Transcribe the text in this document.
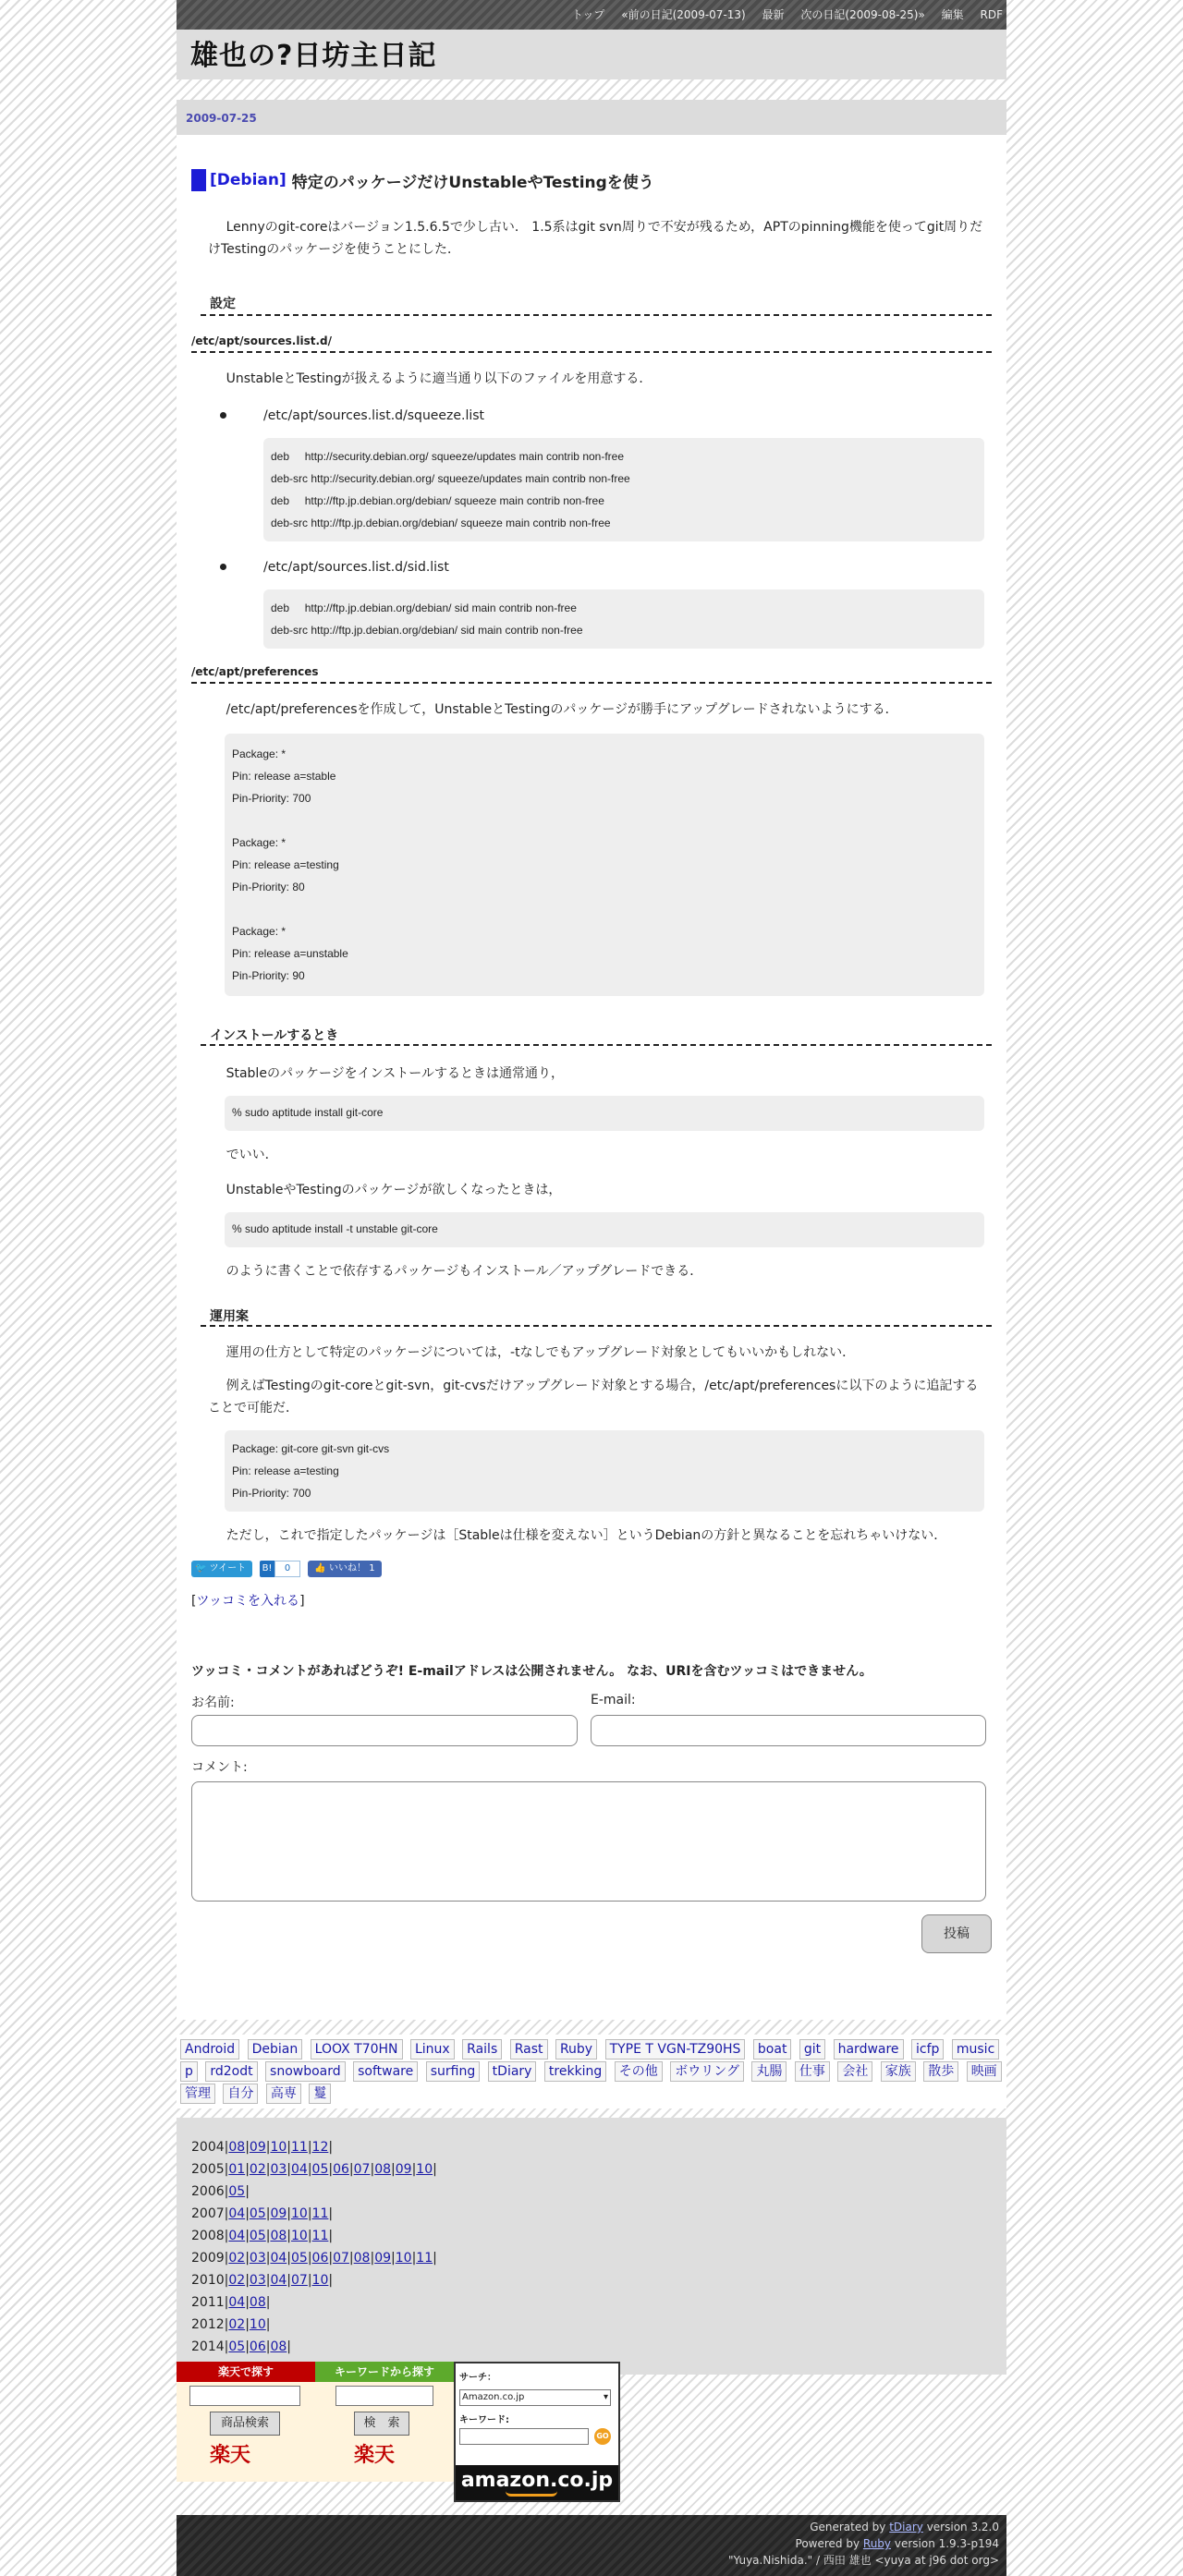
トップ «前の日記(2009-07-13) 最新 次の日記(2009-08-25)» 編集 RDF
雄也の?日坊主日記
2009-07-25
[Debian] 特定のパッケージだけUnstableやTestingを使う

Lennyのgit-coreはバージョン1.5.6.5で少し古い． 1.5系はgit svn周りで不安が残るため，APTのpinning機能を使ってgit周りだけTestingのパッケージを使うことにした．

設定
/etc/apt/sources.list.d/

UnstableとTestingが扱えるように適当通り以下のファイルを用意する．

/etc/apt/sources.list.d/squeeze.list
deb     http://security.debian.org/ squeeze/updates main contrib non-free
deb-src http://security.debian.org/ squeeze/updates main contrib non-free
deb     http://ftp.jp.debian.org/debian/ squeeze main contrib non-free
deb-src http://ftp.jp.debian.org/debian/ squeeze main contrib non-free
/etc/apt/sources.list.d/sid.list
deb     http://ftp.jp.debian.org/debian/ sid main contrib non-free
deb-src http://ftp.jp.debian.org/debian/ sid main contrib non-free
/etc/apt/preferences

/etc/apt/preferencesを作成して，UnstableとTestingのパッケージが勝手にアップグレードされないようにする．

Package: *
Pin: release a=stable
Pin-Priority: 700
Package: *
Pin: release a=testing
Pin-Priority: 80
Package: *
Pin: release a=unstable
Pin-Priority: 90
インストールするとき

Stableのパッケージをインストールするときは通常通り，

% sudo aptitude install git-core

でいい．

UnstableやTestingのパッケージが欲しくなったときは，

% sudo aptitude install -t unstable git-core

のように書くことで依存するパッケージもインストール／アップグレードできる．

運用案

運用の仕方として特定のパッケージについては，-tなしでもアップグレード対象としてもいいかもしれない．

例えばTestingのgit-coreとgit-svn，git-cvsだけアップグレード対象とする場合，/etc/apt/preferencesに以下のように追記することで可能だ．

Package: git-core git-svn git-cvs
Pin: release a=testing
Pin-Priority: 700

ただし，これで指定したパッケージは［Stableは仕様を変えない］というDebianの方針と異なることを忘れちゃいけない．

🐦 ツイート	B!	0	👍 いいね！ 1
[ツッコミを入れる]
ツッコミ・コメントがあればどうぞ! E-mailアドレスは公開されません。 なお、URIを含むツッコミはできません。
お名前:	E-mail:
コメント:
投稿
Android Debian LOOX T70HN Linux Rails Rast Ruby TYPE T VGN-TZ90HS boat git hardware icfp music p rd2odt snowboard software surfing tDiary trekking その他 ボウリング 丸腸 仕事 会社 家族 散歩 映画 管理 自分 高専 鬘
2004|08|09|10|11|12|
2005|01|02|03|04|05|06|07|08|09|10|
2006|05|
2007|04|05|09|10|11|
2008|04|05|08|10|11|
2009|02|03|04|05|06|07|08|09|10|11|
2010|02|03|04|07|10|
2011|04|08|
2012|02|10|
2014|05|06|08|
楽天で探す
商品検索
楽天
キーワードから探す
検　索
楽天
サーチ：
Amazon.co.jp	▾
キーワード:
GO
amazon.co.jp
Generated by tDiary version 3.2.0
Powered by Ruby version 1.9.3-p194
"Yuya.Nishida." / 西田 雄也 <yuya at j96 dot org>
